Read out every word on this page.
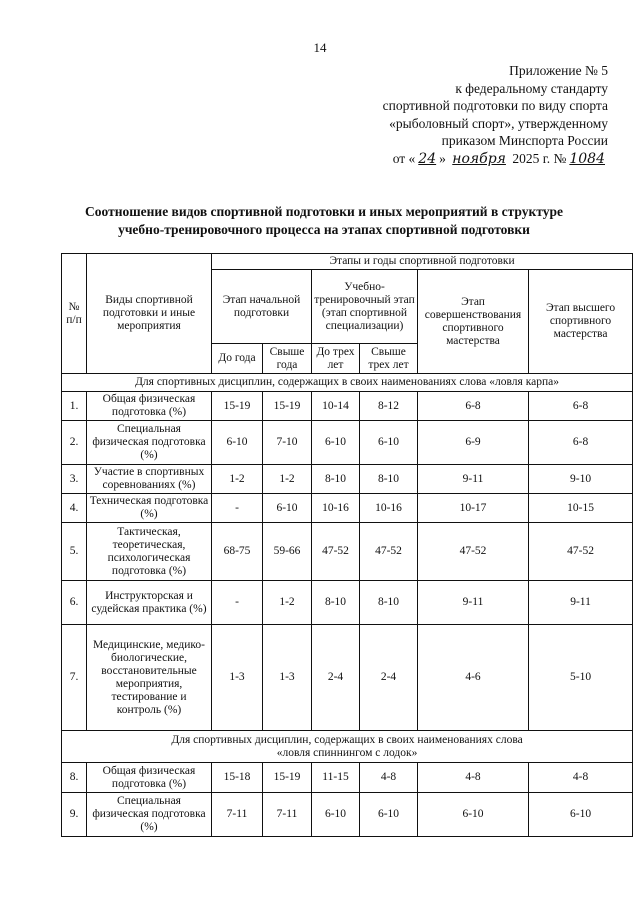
14
Приложение № 5
к федеральному стандарту
спортивной подготовки по виду спорта
«рыболовный спорт», утвержденному
приказом Минспорта России
от « 24 » ноября 2025 г. № 1084
Соотношение видов спортивной подготовки и иных мероприятий в структуре
учебно-тренировочного процесса на этапах спортивной подготовки
№ п/п	Виды спортивной подготовки и иные мероприятия	Этапы и годы спортивной подготовки					
		Этап начальной подготовки		Учебно-тренировочный этап (этап спортивной специализации)		Этап совершенствования спортивного мастерства	Этап высшего спортивного мастерства
		До года	Свыше года	До трех лет	Свыше трех лет		
Для спортивных дисциплин, содержащих в своих наименованиях слова «ловля карпа»							
1.	Общая физическая подготовка (%)	15-19	15-19	10-14	8-12	6-8	6-8
2.	Специальная физическая подготовка (%)	6-10	7-10	6-10	6-10	6-9	6-8
3.	Участие в спортивных соревнованиях (%)	1-2	1-2	8-10	8-10	9-11	9-10
4.	Техническая подготовка (%)	-	6-10	10-16	10-16	10-17	10-15
5.	Тактическая, теоретическая, психологическая подготовка (%)	68-75	59-66	47-52	47-52	47-52	47-52
6.	Инструкторская и судейская практика (%)	-	1-2	8-10	8-10	9-11	9-11
7.	Медицинские, медико-биологические, восстановительные мероприятия, тестирование и контроль (%)	1-3	1-3	2-4	2-4	4-6	5-10

Для спортивных дисциплин, содержащих в своих наименованиях слова
«ловля спиннингом с лодок»							

8.	Общая физическая подготовка (%)	15-18	15-19	11-15	4-8	4-8	4-8
9.	Специальная физическая подготовка (%)	7-11	7-11	6-10	6-10	6-10	6-10
